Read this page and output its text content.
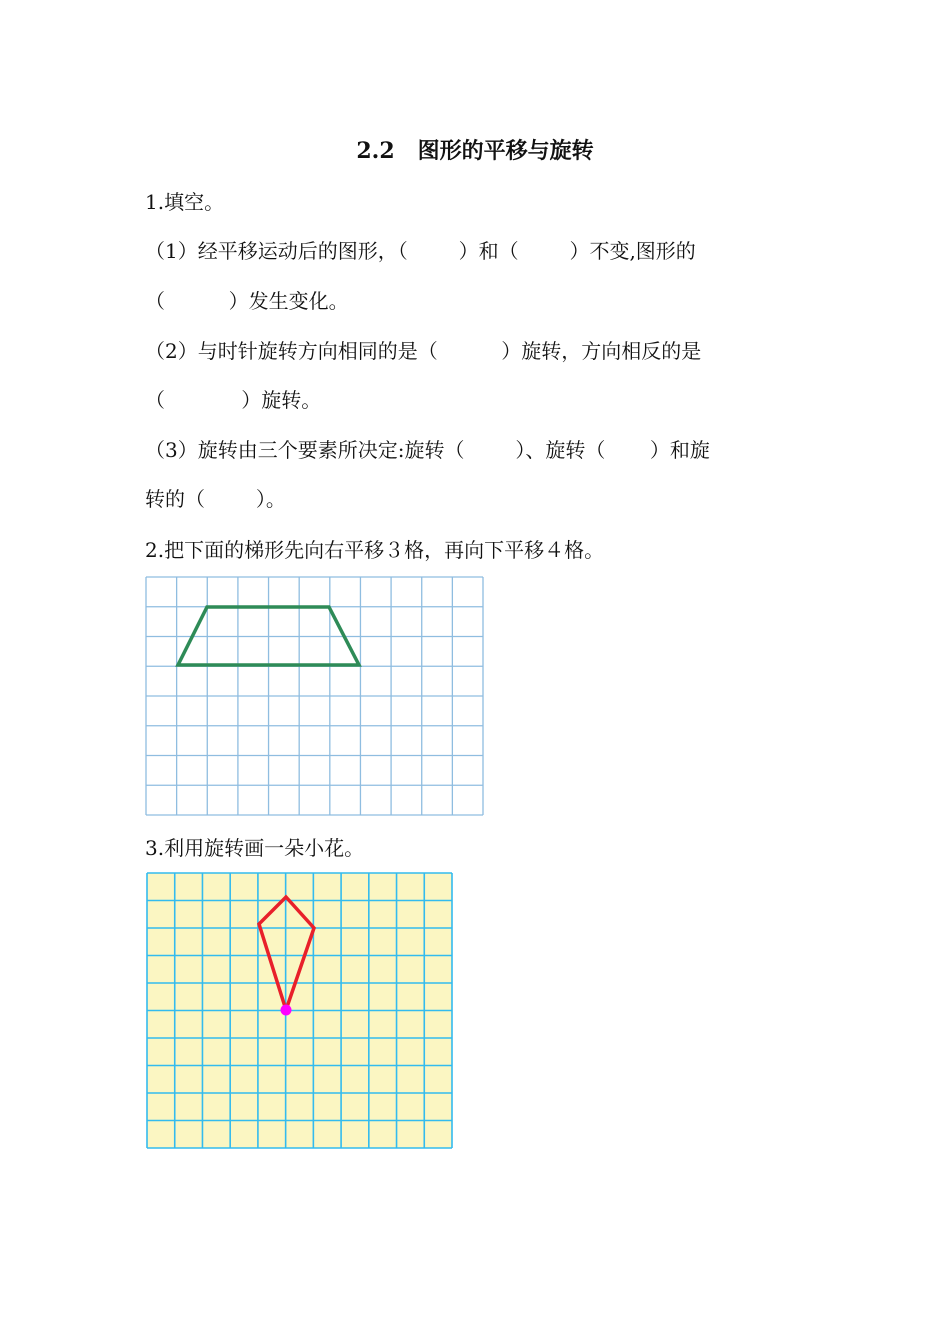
2.2   图形的平移与旋转
1.填空。
（1）经平移运动后的图形，（        ）和（        ）不变,图形的
（          ）发生变化。
（2）与时针旋转方向相同的是（          ）旋转，方向相反的是
（            ）旋转。
（3）旋转由三个要素所决定:旋转（        ）、旋转（       ）和旋
转的（        ）。
2.把下面的梯形先向右平移３格，再向下平移４格。
3.利用旋转画一朵小花。
